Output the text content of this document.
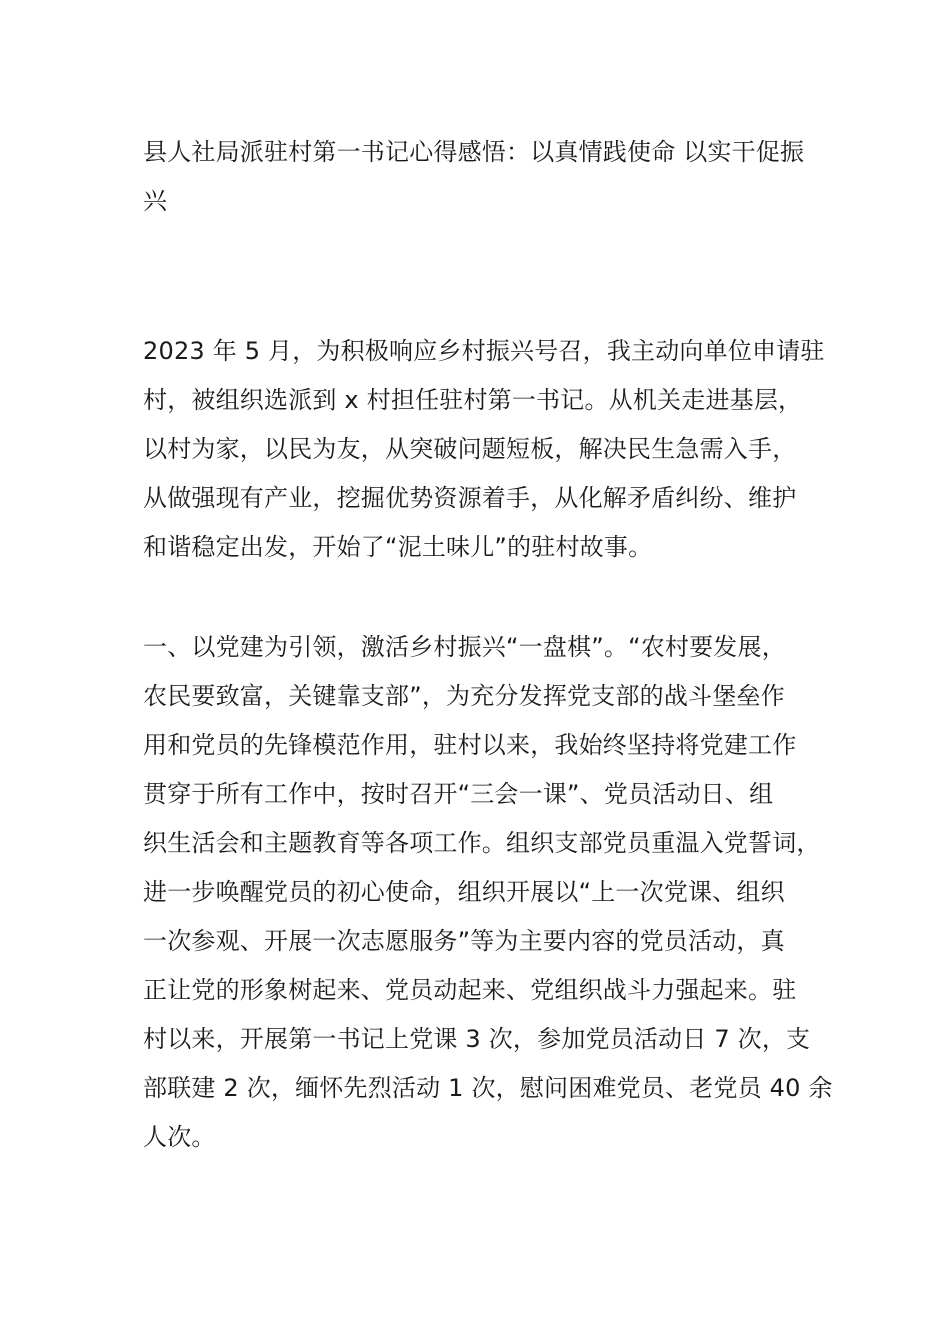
县人社局派驻村第一书记心得感悟：以真情践使命 以实干促振
兴
2023 年 5 月，为积极响应乡村振兴号召，我主动向单位申请驻
村，被组织选派到 x 村担任驻村第一书记。从机关走进基层，
以村为家，以民为友，从突破问题短板，解决民生急需入手，
从做强现有产业，挖掘优势资源着手，从化解矛盾纠纷、维护
和谐稳定出发，开始了“泥土味儿”的驻村故事。
一、以党建为引领，激活乡村振兴“一盘棋”。“农村要发展，
农民要致富，关键靠支部”，为充分发挥党支部的战斗堡垒作
用和党员的先锋模范作用，驻村以来，我始终坚持将党建工作
贯穿于所有工作中，按时召开“三会一课”、党员活动日、组
织生活会和主题教育等各项工作。组织支部党员重温入党誓词，
进一步唤醒党员的初心使命，组织开展以“上一次党课、组织
一次参观、开展一次志愿服务”等为主要内容的党员活动，真
正让党的形象树起来、党员动起来、党组织战斗力强起来。驻
村以来，开展第一书记上党课 3 次，参加党员活动日 7 次，支
部联建 2 次，缅怀先烈活动 1 次，慰问困难党员、老党员 40 余
人次。
